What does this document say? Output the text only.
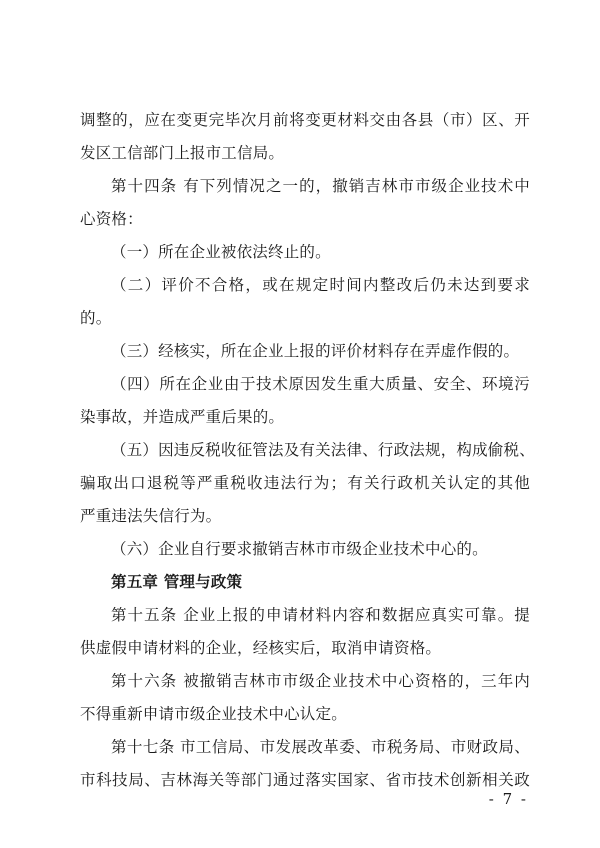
调整的，应在变更完毕次月前将变更材料交由各县（市）区、开
发区工信部门上报市工信局。
第十四条 有下列情况之一的，撤销吉林市市级企业技术中
心资格：
（一）所在企业被依法终止的。
（二）评价不合格，或在规定时间内整改后仍未达到要求
的。
（三）经核实，所在企业上报的评价材料存在弄虚作假的。
（四）所在企业由于技术原因发生重大质量、安全、环境污
染事故，并造成严重后果的。
（五）因违反税收征管法及有关法律、行政法规，构成偷税、
骗取出口退税等严重税收违法行为；有关行政机关认定的其他
严重违法失信行为。
（六）企业自行要求撤销吉林市市级企业技术中心的。
第五章 管理与政策
第十五条 企业上报的申请材料内容和数据应真实可靠。提
供虚假申请材料的企业，经核实后，取消申请资格。
第十六条 被撤销吉林市市级企业技术中心资格的，三年内
不得重新申请市级企业技术中心认定。
第十七条 市工信局、市发展改革委、市税务局、市财政局、
市科技局、吉林海关等部门通过落实国家、省市技术创新相关政
- 7 -
